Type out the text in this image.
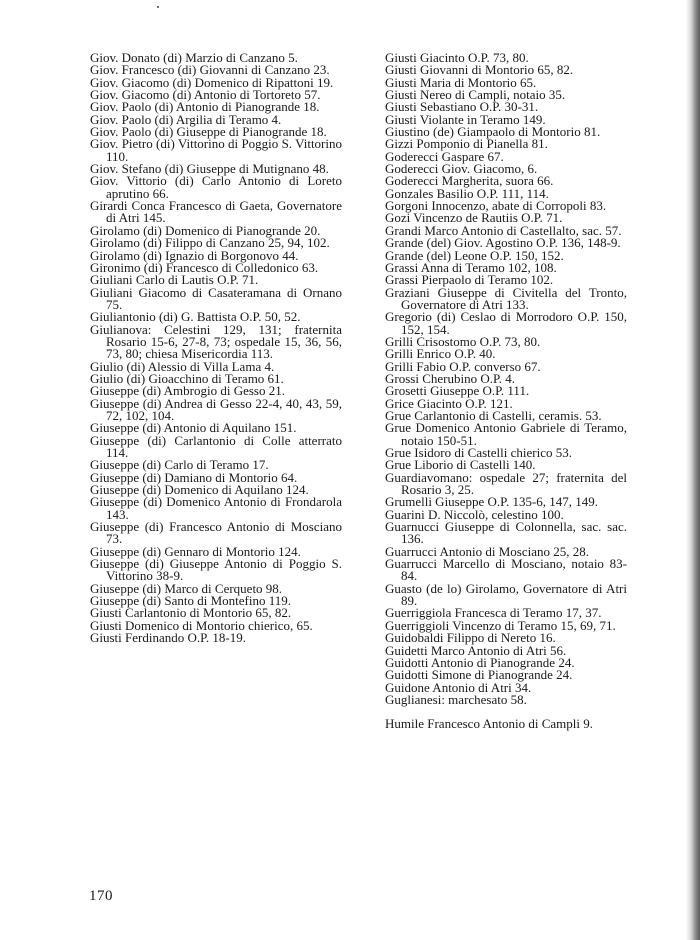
Giov. Donato (di) Marzio di Canzano 5.
Giov. Francesco (di) Giovanni di Canzano 23.
Giov. Giacomo (di) Domenico di Ripattoni 19.
Giov. Giacomo (di) Antonio di Tortoreto 57.
Giov. Paolo (di) Antonio di Pianogrande 18.
Giov. Paolo (di) Argilia di Teramo 4.
Giov. Paolo (di) Giuseppe di Pianogrande 18.
Giov. Pietro (di) Vittorino di Poggio S. Vittorino 110.
Giov. Stefano (di) Giuseppe di Mutignano 48.
Giov. Vittorio (di) Carlo Antonio di Loreto aprutino 66.
Girardi Conca Francesco di Gaeta, Governatore di Atri 145.
Girolamo (di) Domenico di Pianogrande 20.
Girolamo (di) Filippo di Canzano 25, 94, 102.
Girolamo (di) Ignazio di Borgonovo 44.
Gironimo (di) Francesco di Colledonico 63.
Giuliani Carlo di Lautis O.P. 71.
Giuliani Giacomo di Casateramana di Ornano 75.
Giuliantonio (di) G. Battista O.P. 50, 52.
Giulianova: Celestini 129, 131; fraternita Rosario 15-6, 27-8, 73; ospedale 15, 36, 56, 73, 80; chiesa Misericordia 113.
Giulio (di) Alessio di Villa Lama 4.
Giulio (di) Gioacchino di Teramo 61.
Giuseppe (di) Ambrogio di Gesso 21.
Giuseppe (di) Andrea di Gesso 22-4, 40, 43, 59, 72, 102, 104.
Giuseppe (di) Antonio di Aquilano 151.
Giuseppe (di) Carlantonio di Colle atterrato 114.
Giuseppe (di) Carlo di Teramo 17.
Giuseppe (di) Damiano di Montorio 64.
Giuseppe (di) Domenico di Aquilano 124.
Giuseppe (di) Domenico Antonio di Frondarola 143.
Giuseppe (di) Francesco Antonio di Mosciano 73.
Giuseppe (di) Gennaro di Montorio 124.
Giuseppe (di) Giuseppe Antonio di Poggio S. Vittorino 38-9.
Giuseppe (di) Marco di Cerqueto 98.
Giuseppe (di) Santo di Montefino 119.
Giusti Carlantonio di Montorio 65, 82.
Giusti Domenico di Montorio chierico, 65.
Giusti Ferdinando O.P. 18-19.
Giusti Giacinto O.P. 73, 80.
Giusti Giovanni di Montorio 65, 82.
Giusti Maria di Montorio 65.
Giusti Nereo di Campli, notaio 35.
Giusti Sebastiano O.P. 30-31.
Giusti Violante in Teramo 149.
Giustino (de) Giampaolo di Montorio 81.
Gizzi Pomponio di Pianella 81.
Goderecci Gaspare 67.
Goderecci Giov. Giacomo, 6.
Goderecci Margherita, suora 66.
Gonzales Basilio O.P. 111, 114.
Gorgoni Innocenzo, abate di Corropoli 83.
Gozi Vincenzo de Rautiis O.P. 71.
Grandi Marco Antonio di Castellalto, sac. 57.
Grande (del) Giov. Agostino O.P. 136, 148-9.
Grande (del) Leone O.P. 150, 152.
Grassi Anna di Teramo 102, 108.
Grassi Pierpaolo di Teramo 102.
Graziani Giuseppe di Civitella del Tronto, Governatore di Atri 133.
Gregorio (di) Ceslao di Morrodoro O.P. 150, 152, 154.
Grilli Crisostomo O.P. 73, 80.
Grilli Enrico O.P. 40.
Grilli Fabio O.P. converso 67.
Grossi Cherubino O.P. 4.
Grosetti Giuseppe O.P. 111.
Grice Giacinto O.P. 121.
Grue Carlantonio di Castelli, ceramis. 53.
Grue Domenico Antonio Gabriele di Teramo, notaio 150-51.
Grue Isidoro di Castelli chierico 53.
Grue Liborio di Castelli 140.
Guardiavomano: ospedale 27; fraternita del Rosario 3, 25.
Grumelli Giuseppe O.P. 135-6, 147, 149.
Guarini D. Niccolò, celestino 100.
Guarnucci Giuseppe di Colonnella, sac. sac. 136.
Guarrucci Antonio di Mosciano 25, 28.
Guarrucci Marcello di Mosciano, notaio 83-84.
Guasto (de lo) Girolamo, Governatore di Atri 89.
Guerriggiola Francesca di Teramo 17, 37.
Guerriggioli Vincenzo di Teramo 15, 69, 71.
Guidobaldi Filippo di Nereto 16.
Guidetti Marco Antonio di Atri 56.
Guidotti Antonio di Pianogrande 24.
Guidotti Simone di Pianogrande 24.
Guidone Antonio di Atri 34.
Guglianesi: marchesato 58.
Humile Francesco Antonio di Campli 9.
170
